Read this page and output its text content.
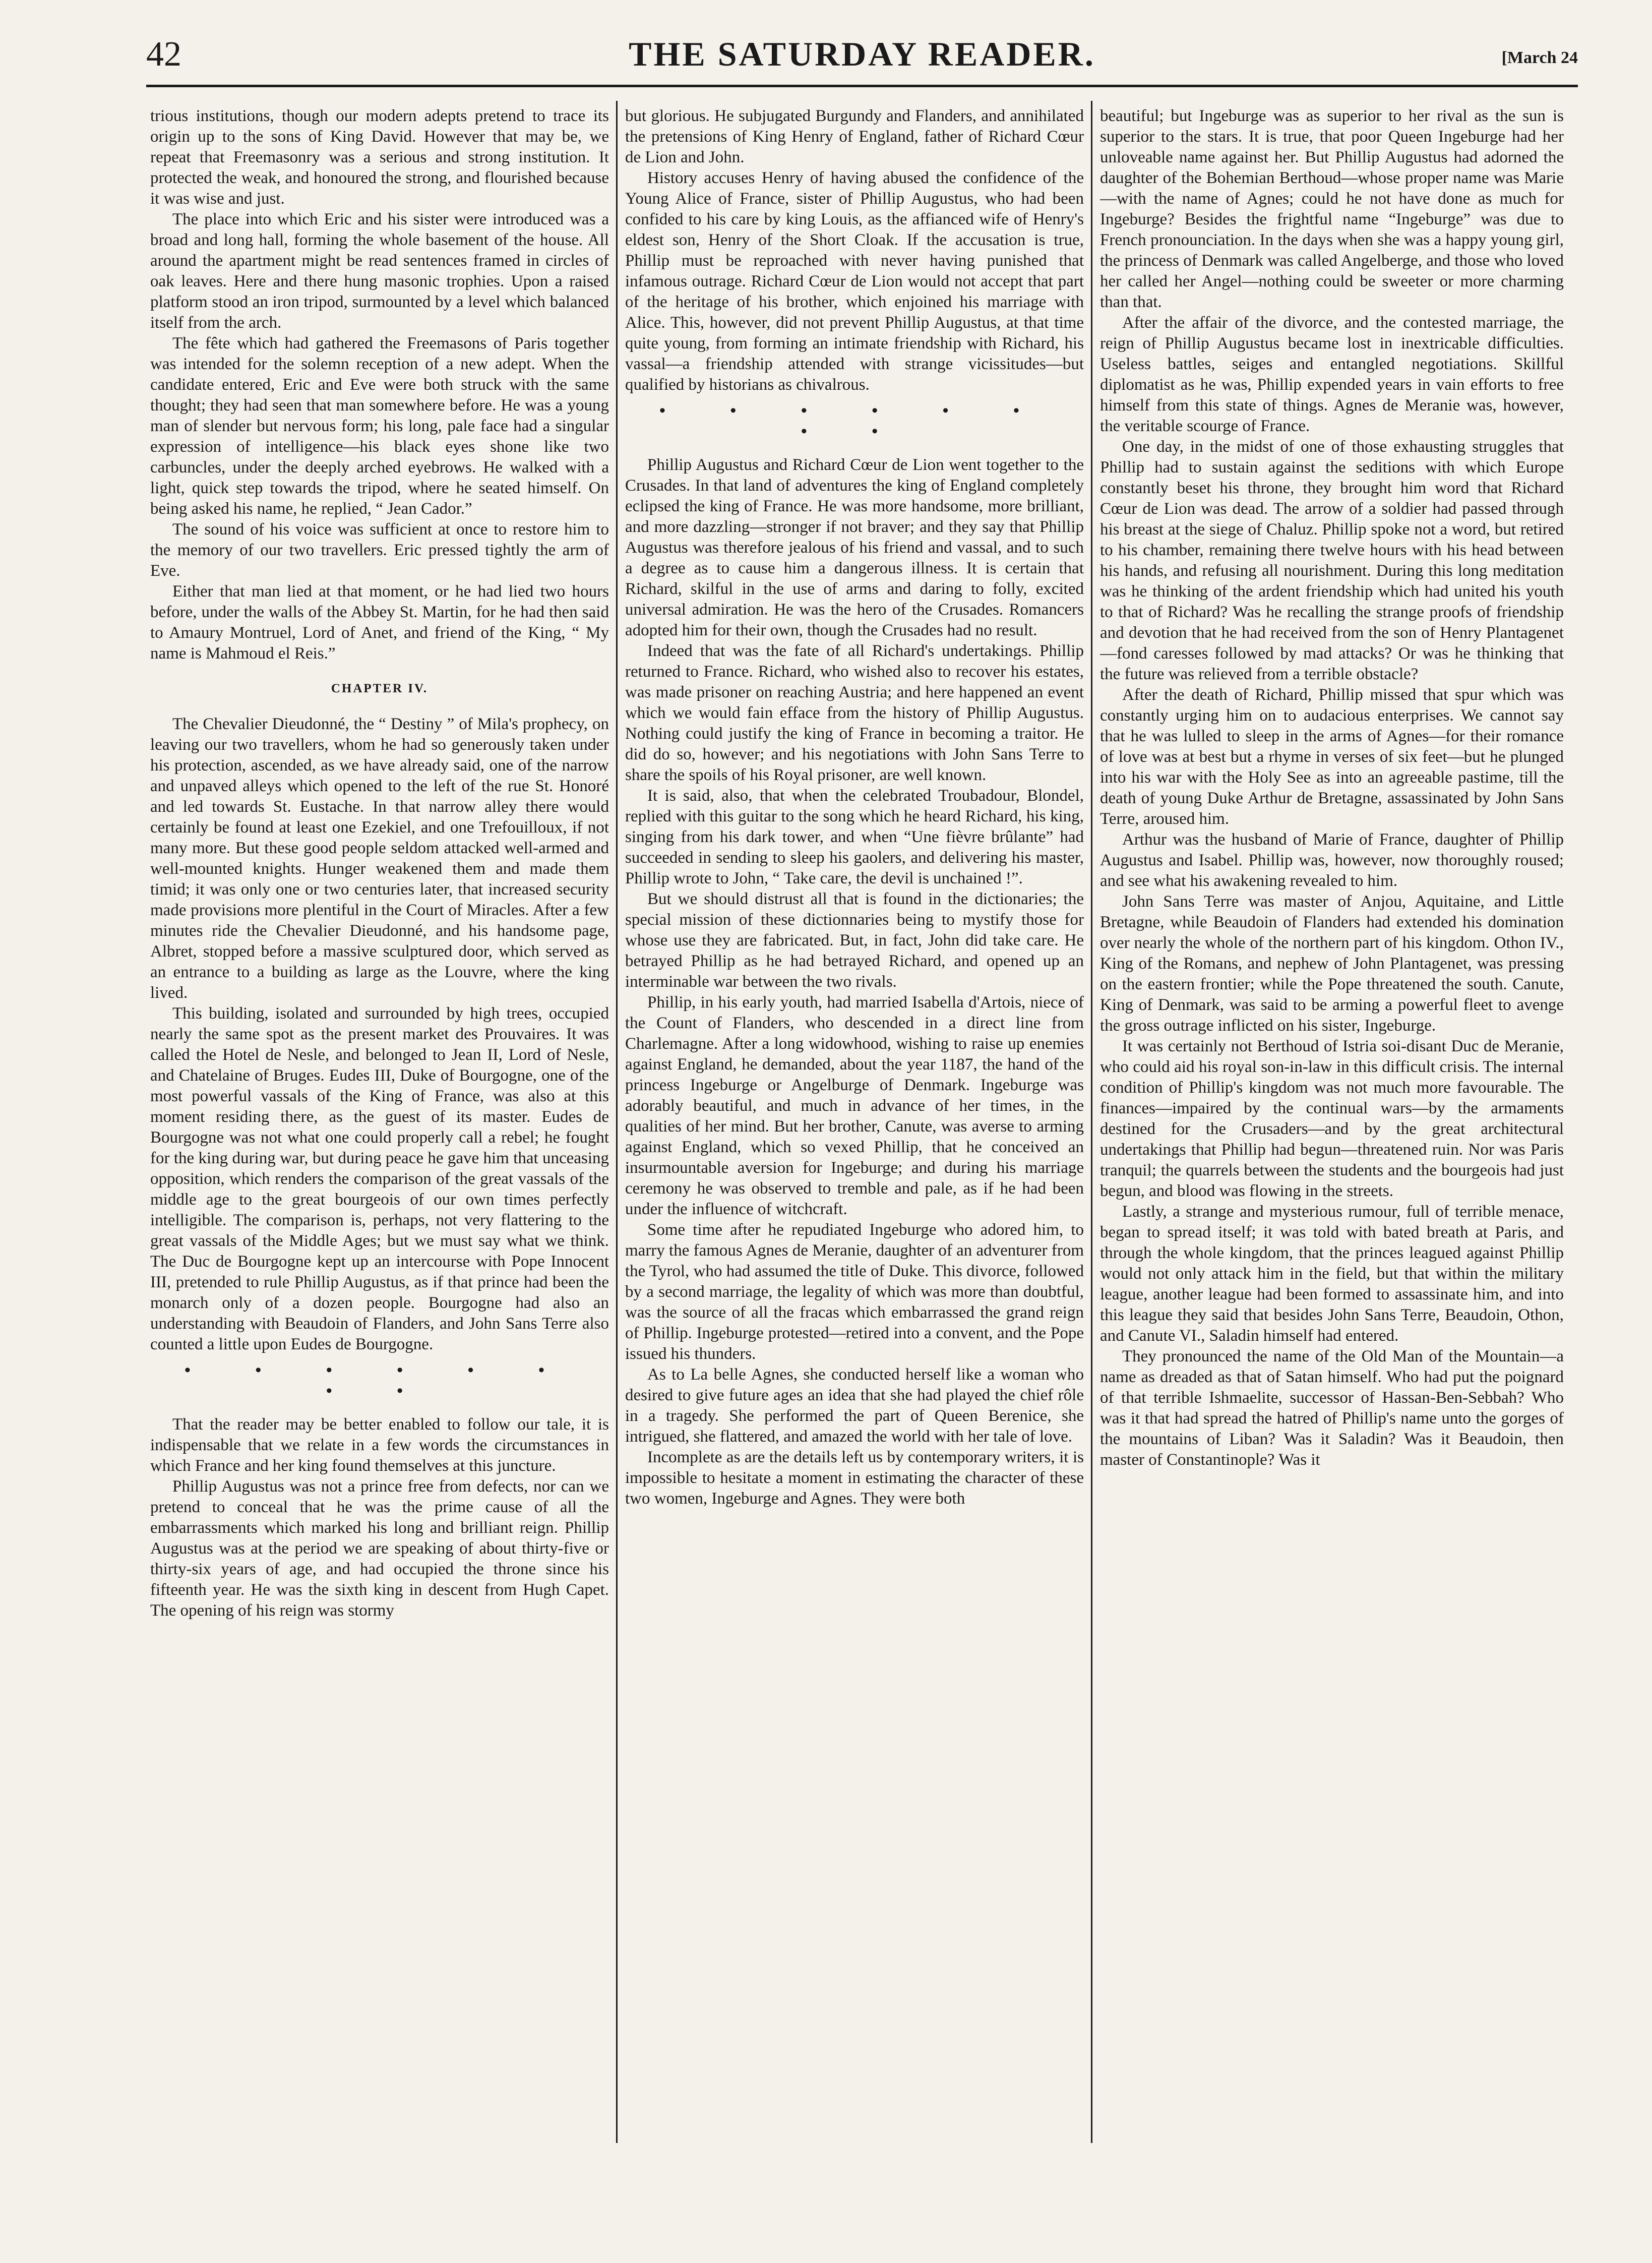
42	THE SATURDAY READER.	[March 24

trious institutions, though our modern adepts pretend to trace its origin up to the sons of King David. However that may be, we repeat that Freemasonry was a serious and strong institution. It protected the weak, and honoured the strong, and flourished because it was wise and just.

The place into which Eric and his sister were introduced was a broad and long hall, forming the whole basement of the house. All around the apartment might be read sentences framed in circles of oak leaves. Here and there hung masonic trophies. Upon a raised platform stood an iron tripod, surmounted by a level which balanced itself from the arch.

The fête which had gathered the Freemasons of Paris together was intended for the solemn reception of a new adept. When the candidate entered, Eric and Eve were both struck with the same thought; they had seen that man somewhere before. He was a young man of slender but nervous form; his long, pale face had a singular expression of intelligence—his black eyes shone like two carbuncles, under the deeply arched eyebrows. He walked with a light, quick step towards the tripod, where he seated himself. On being asked his name, he replied, “ Jean Cador.”

The sound of his voice was sufficient at once to restore him to the memory of our two travellers. Eric pressed tightly the arm of Eve.

Either that man lied at that moment, or he had lied two hours before, under the walls of the Abbey St. Martin, for he had then said to Amaury Montruel, Lord of Anet, and friend of the King, “ My name is Mahmoud el Reis.”

CHAPTER IV.

The Chevalier Dieudonné, the “ Destiny ” of Mila's prophecy, on leaving our two travellers, whom he had so generously taken under his protection, ascended, as we have already said, one of the narrow and unpaved alleys which opened to the left of the rue St. Honoré and led towards St. Eustache. In that narrow alley there would certainly be found at least one Ezekiel, and one Trefouilloux, if not many more. But these good people seldom attacked well-armed and well-mounted knights. Hunger weakened them and made them timid; it was only one or two centuries later, that increased security made provisions more plentiful in the Court of Miracles. After a few minutes ride the Chevalier Dieudonné, and his handsome page, Albret, stopped before a massive sculptured door, which served as an entrance to a building as large as the Louvre, where the king lived.

This building, isolated and surrounded by high trees, occupied nearly the same spot as the present market des Prouvaires. It was called the Hotel de Nesle, and belonged to Jean II, Lord of Nesle, and Chatelaine of Bruges. Eudes III, Duke of Bourgogne, one of the most powerful vassals of the King of France, was also at this moment residing there, as the guest of its master. Eudes de Bourgogne was not what one could properly call a rebel; he fought for the king during war, but during peace he gave him that unceasing opposition, which renders the comparison of the great vassals of the middle age to the great bourgeois of our own times perfectly intelligible. The comparison is, perhaps, not very flattering to the great vassals of the Middle Ages; but we must say what we think. The Duc de Bourgogne kept up an intercourse with Pope Innocent III, pretended to rule Phillip Augustus, as if that prince had been the monarch only of a dozen people. Bourgogne had also an understanding with Beaudoin of Flanders, and John Sans Terre also counted a little upon Eudes de Bourgogne.

• • • • • • • •

That the reader may be better enabled to follow our tale, it is indispensable that we relate in a few words the circumstances in which France and her king found themselves at this juncture.

Phillip Augustus was not a prince free from defects, nor can we pretend to conceal that he was the prime cause of all the embarrassments which marked his long and brilliant reign. Phillip Augustus was at the period we are speaking of about thirty-five or thirty-six years of age, and had occupied the throne since his fifteenth year. He was the sixth king in descent from Hugh Capet. The opening of his reign was stormy

but glorious. He subjugated Burgundy and Flanders, and annihilated the pretensions of King Henry of England, father of Richard Cœur de Lion and John.

History accuses Henry of having abused the confidence of the Young Alice of France, sister of Phillip Augustus, who had been confided to his care by king Louis, as the affianced wife of Henry's eldest son, Henry of the Short Cloak. If the accusation is true, Phillip must be reproached with never having punished that infamous outrage. Richard Cœur de Lion would not accept that part of the heritage of his brother, which enjoined his marriage with Alice. This, however, did not prevent Phillip Augustus, at that time quite young, from forming an intimate friendship with Richard, his vassal—a friendship attended with strange vicissitudes—but qualified by historians as chivalrous.

• • • • • • • •

Phillip Augustus and Richard Cœur de Lion went together to the Crusades. In that land of adventures the king of England completely eclipsed the king of France. He was more handsome, more brilliant, and more dazzling—stronger if not braver; and they say that Phillip Augustus was therefore jealous of his friend and vassal, and to such a degree as to cause him a dangerous illness. It is certain that Richard, skilful in the use of arms and daring to folly, excited universal admiration. He was the hero of the Crusades. Romancers adopted him for their own, though the Crusades had no result.

Indeed that was the fate of all Richard's undertakings. Phillip returned to France. Richard, who wished also to recover his estates, was made prisoner on reaching Austria; and here happened an event which we would fain efface from the history of Phillip Augustus. Nothing could justify the king of France in becoming a traitor. He did do so, however; and his negotiations with John Sans Terre to share the spoils of his Royal prisoner, are well known.

It is said, also, that when the celebrated Troubadour, Blondel, replied with this guitar to the song which he heard Richard, his king, singing from his dark tower, and when “Une fièvre brûlante” had succeeded in sending to sleep his gaolers, and delivering his master, Phillip wrote to John, “ Take care, the devil is unchained !”.

But we should distrust all that is found in the dictionaries; the special mission of these dictionnaries being to mystify those for whose use they are fabricated. But, in fact, John did take care. He betrayed Phillip as he had betrayed Richard, and opened up an interminable war between the two rivals.

Phillip, in his early youth, had married Isabella d'Artois, niece of the Count of Flanders, who descended in a direct line from Charlemagne. After a long widowhood, wishing to raise up enemies against England, he demanded, about the year 1187, the hand of the princess Ingeburge or Angelburge of Denmark. Ingeburge was adorably beautiful, and much in advance of her times, in the qualities of her mind. But her brother, Canute, was averse to arming against England, which so vexed Phillip, that he conceived an insurmountable aversion for Ingeburge; and during his marriage ceremony he was observed to tremble and pale, as if he had been under the influence of witchcraft.

Some time after he repudiated Ingeburge who adored him, to marry the famous Agnes de Meranie, daughter of an adventurer from the Tyrol, who had assumed the title of Duke. This divorce, followed by a second marriage, the legality of which was more than doubtful, was the source of all the fracas which embarrassed the grand reign of Phillip. Ingeburge protested—retired into a convent, and the Pope issued his thunders.

As to La belle Agnes, she conducted herself like a woman who desired to give future ages an idea that she had played the chief rôle in a tragedy. She performed the part of Queen Berenice, she intrigued, she flattered, and amazed the world with her tale of love.

Incomplete as are the details left us by contemporary writers, it is impossible to hesitate a moment in estimating the character of these two women, Ingeburge and Agnes. They were both

beautiful; but Ingeburge was as superior to her rival as the sun is superior to the stars. It is true, that poor Queen Ingeburge had her unloveable name against her. But Phillip Augustus had adorned the daughter of the Bohemian Berthoud—whose proper name was Marie—with the name of Agnes; could he not have done as much for Ingeburge? Besides the frightful name “Ingeburge” was due to French pronounciation. In the days when she was a happy young girl, the princess of Denmark was called Angelberge, and those who loved her called her Angel—nothing could be sweeter or more charming than that.

After the affair of the divorce, and the contested marriage, the reign of Phillip Augustus became lost in inextricable difficulties. Useless battles, seiges and entangled negotiations. Skillful diplomatist as he was, Phillip expended years in vain efforts to free himself from this state of things. Agnes de Meranie was, however, the veritable scourge of France.

One day, in the midst of one of those exhausting struggles that Phillip had to sustain against the seditions with which Europe constantly beset his throne, they brought him word that Richard Cœur de Lion was dead. The arrow of a soldier had passed through his breast at the siege of Chaluz. Phillip spoke not a word, but retired to his chamber, remaining there twelve hours with his head between his hands, and refusing all nourishment. During this long meditation was he thinking of the ardent friendship which had united his youth to that of Richard? Was he recalling the strange proofs of friendship and devotion that he had received from the son of Henry Plantagenet—fond caresses followed by mad attacks? Or was he thinking that the future was relieved from a terrible obstacle?

After the death of Richard, Phillip missed that spur which was constantly urging him on to audacious enterprises. We cannot say that he was lulled to sleep in the arms of Agnes—for their romance of love was at best but a rhyme in verses of six feet—but he plunged into his war with the Holy See as into an agreeable pastime, till the death of young Duke Arthur de Bretagne, assassinated by John Sans Terre, aroused him.

Arthur was the husband of Marie of France, daughter of Phillip Augustus and Isabel. Phillip was, however, now thoroughly roused; and see what his awakening revealed to him.

John Sans Terre was master of Anjou, Aquitaine, and Little Bretagne, while Beaudoin of Flanders had extended his domination over nearly the whole of the northern part of his kingdom. Othon IV., King of the Romans, and nephew of John Plantagenet, was pressing on the eastern frontier; while the Pope threatened the south. Canute, King of Denmark, was said to be arming a powerful fleet to avenge the gross outrage inflicted on his sister, Ingeburge.

It was certainly not Berthoud of Istria soi-disant Duc de Meranie, who could aid his royal son-in-law in this difficult crisis. The internal condition of Phillip's kingdom was not much more favourable. The finances—impaired by the continual wars—by the armaments destined for the Crusaders—and by the great architectural undertakings that Phillip had begun—threatened ruin. Nor was Paris tranquil; the quarrels between the students and the bourgeois had just begun, and blood was flowing in the streets.

Lastly, a strange and mysterious rumour, full of terrible menace, began to spread itself; it was told with bated breath at Paris, and through the whole kingdom, that the princes leagued against Phillip would not only attack him in the field, but that within the military league, another league had been formed to assassinate him, and into this league they said that besides John Sans Terre, Beaudoin, Othon, and Canute VI., Saladin himself had entered.

They pronounced the name of the Old Man of the Mountain—a name as dreaded as that of Satan himself. Who had put the poignard of that terrible Ishmaelite, successor of Hassan-Ben-Sebbah? Who was it that had spread the hatred of Phillip's name unto the gorges of the mountains of Liban? Was it Saladin? Was it Beaudoin, then master of Constantinople? Was it
